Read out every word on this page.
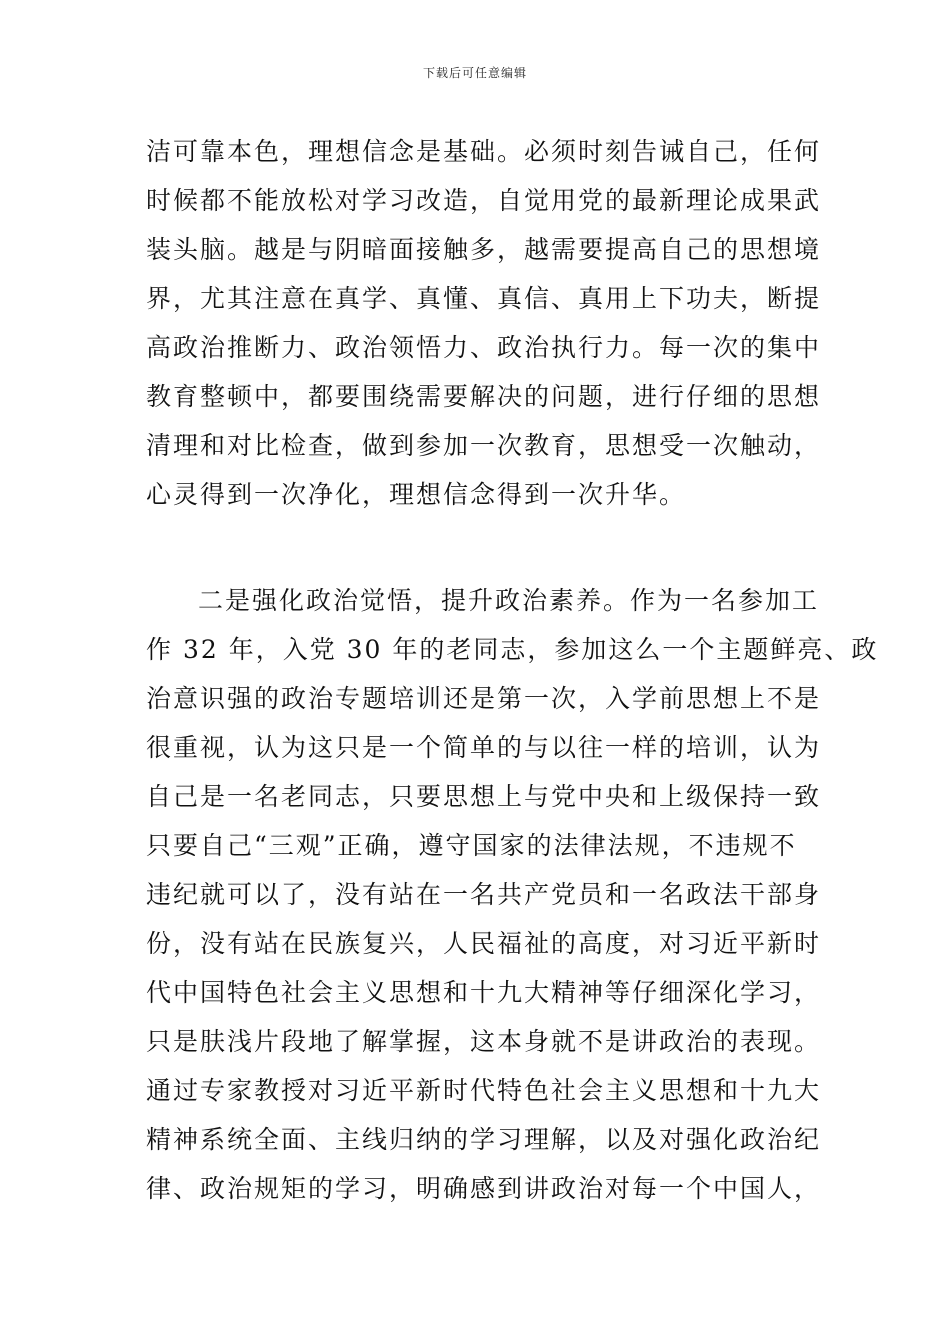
下载后可任意编辑
洁可靠本色，理想信念是基础。必须时刻告诫自己，任何
时候都不能放松对学习改造，自觉用党的最新理论成果武
装头脑。越是与阴暗面接触多，越需要提高自己的思想境
界，尤其注意在真学、真懂、真信、真用上下功夫，断提
高政治推断力、政治领悟力、政治执行力。每一次的集中
教育整顿中，都要围绕需要解决的问题，进行仔细的思想
清理和对比检查，做到参加一次教育，思想受一次触动，
心灵得到一次净化，理想信念得到一次升华。
二是强化政治觉悟，提升政治素养。作为一名参加工
作 32 年，入党 30 年的老同志，参加这么一个主题鲜亮、政
治意识强的政治专题培训还是第一次，入学前思想上不是
很重视，认为这只是一个简单的与以往一样的培训，认为
自己是一名老同志，只要思想上与党中央和上级保持一致
只要自己“三观”正确，遵守国家的法律法规，不违规不
违纪就可以了，没有站在一名共产党员和一名政法干部身
份，没有站在民族复兴，人民福祉的高度，对习近平新时
代中国特色社会主义思想和十九大精神等仔细深化学习，
只是肤浅片段地了解掌握，这本身就不是讲政治的表现。
通过专家教授对习近平新时代特色社会主义思想和十九大
精神系统全面、主线归纳的学习理解，以及对强化政治纪
律、政治规矩的学习，明确感到讲政治对每一个中国人，
